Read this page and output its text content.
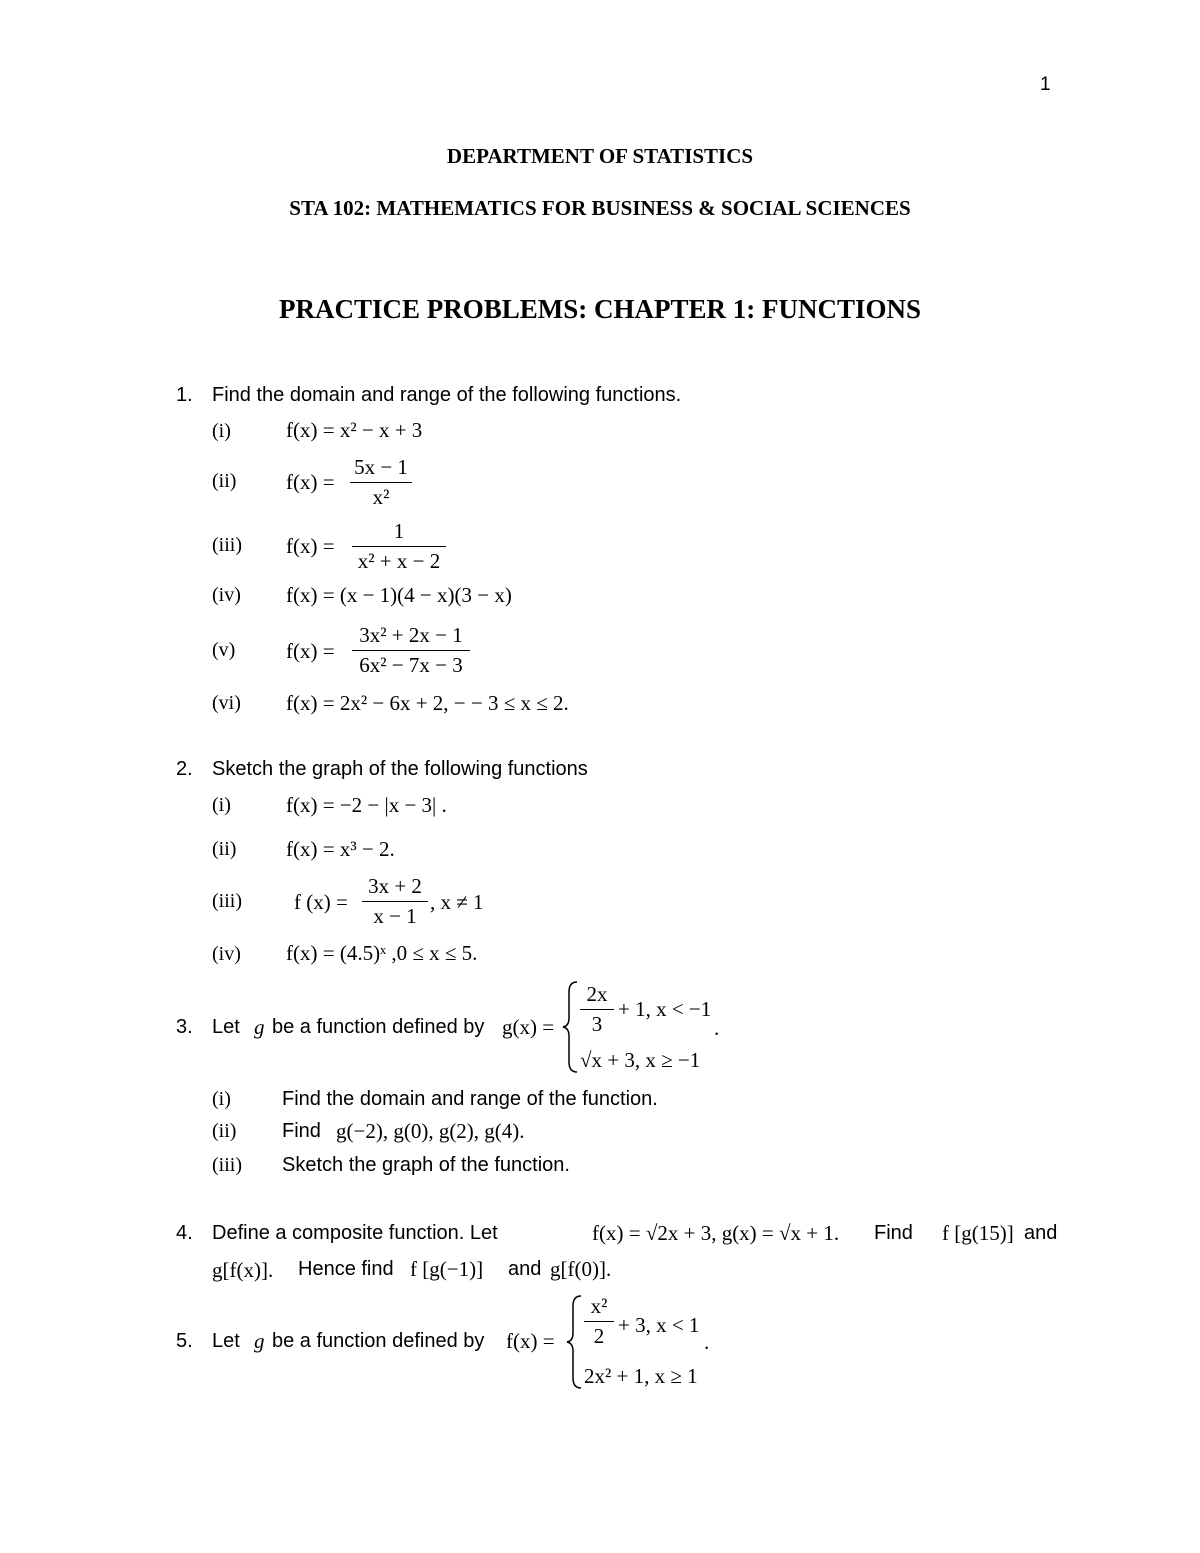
1
DEPARTMENT OF STATISTICS
STA 102: MATHEMATICS FOR BUSINESS & SOCIAL SCIENCES
PRACTICE PROBLEMS: CHAPTER 1: FUNCTIONS
1. Find the domain and range of the following functions.
(i)	f(x) = x² − x + 3
(ii) f(x) =
5x − 1
x²
(iii) f(x) =
1
x² + x − 2
(iv) f(x) = (x − 1)(4 − x)(3 − x)
(v) f(x) =
3x² + 2x − 1
6x² − 7x − 3
(vi) f(x) = 2x² − 6x + 2, − − 3 ≤ x ≤ 2.
2. Sketch the graph of the following functions
(i)	f(x) = −2 − |x − 3| .
(ii) f(x) = x³ − 2.
(iii) f (x) =
3x + 2
x − 1
, x ≠ 1
(iv) f(x) = (4.5)ˣ ,0 ≤ x ≤ 5.
3. Let g be a function defined by g(x) =
2x
3
+ 1, x < −1
√x + 3, x ≥ −1
.
(i)	Find the domain and range of the function.
(ii) Find g(−2), g(0), g(2), g(4).
(iii) Sketch the graph of the function.
4. Define a composite function. Let	f(x) = √2x + 3, g(x) = √x + 1. Find f [g(15)] and
g[f(x)]. Hence find f [g(−1)] and g[f(0)].
5. Let g be a function defined by f(x) =
x²
2 + 3, x < 1
2x² + 1, x ≥ 1
.
